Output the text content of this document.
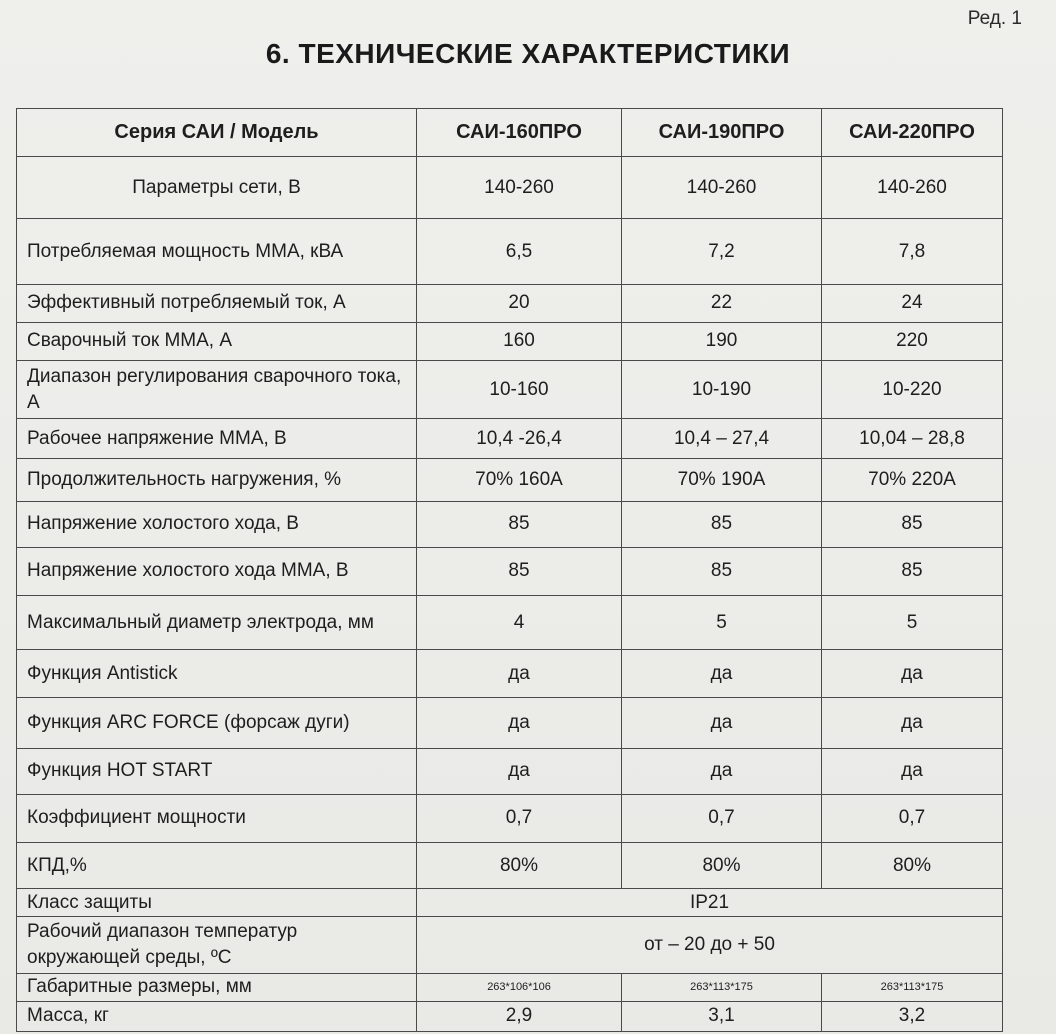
Ред. 1
6. ТЕХНИЧЕСКИЕ ХАРАКТЕРИСТИКИ
Серия САИ / Модель	САИ-160ПРО	САИ-190ПРО	САИ-220ПРО
Параметры сети, В	140-260	140-260	140-260
Потребляемая мощность ММА, кВА	6,5	7,2	7,8
Эффективный потребляемый ток, А	20	22	24
Сварочный ток ММА, А	160	190	220
Диапазон регулирования сварочного тока, А	10-160	10-190	10-220
Рабочее напряжение ММА, В	10,4 -26,4	10,4 – 27,4	10,04 – 28,8
Продолжительность нагружения, %	70% 160А	70% 190А	70% 220А
Напряжение холостого хода, В	85	85	85
Напряжение холостого хода ММА, В	85	85	85
Максимальный диаметр электрода, мм	4	5	5
Функция Antistick	да	да	да
Функция ARC FORCE (форсаж дуги)	да	да	да
Функция HOT START	да	да	да
Коэффициент мощности	0,7	0,7	0,7
КПД,%	80%	80%	80%
Класс защиты	IP21		
Рабочий диапазон температур окружающей среды, ºС	от – 20 до + 50		
Габаритные размеры, мм	263*106*106	263*113*175	263*113*175
Масса, кг	2,9	3,1	3,2
